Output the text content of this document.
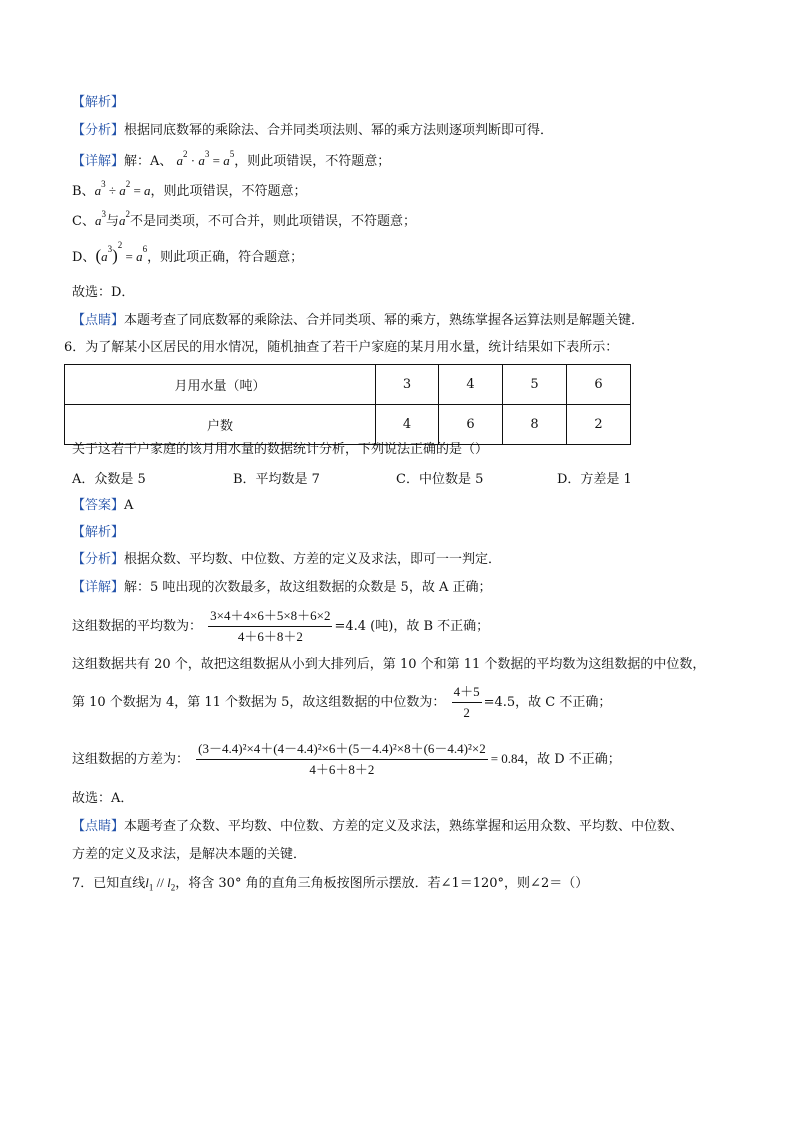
【解析】
【分析】根据同底数幂的乘除法、合并同类项法则、幂的乘方法则逐项判断即可得．
【详解】解：A、 $a^2 \cdot a^3 = a^5$，则此项错误，不符题意；
B、$a^3 \div a^2 = a$，则此项错误，不符题意；
C、$a^3$与$a^2$不是同类项，不可合并，则此项错误，不符题意；
D、$(a^3)^2 = a^6$，则此项正确，符合题意；
故选：D．
【点睛】本题考查了同底数幂的乘除法、合并同类项、幂的乘方，熟练掌握各运算法则是解题关键．
6．为了解某小区居民的用水情况，随机抽查了若干户家庭的某月用水量，统计结果如下表所示：
月用水量（吨）	3	4	5	6
户数	4	6	8	2
关于这若干户家庭的该月用水量的数据统计分析，下列说法正确的是（）
A．众数是 5	B．平均数是 7	C．中位数是 5	D．方差是 1
【答案】A
【解析】
【分析】根据众数、平均数、中位数、方差的定义及求法，即可一一判定．
【详解】解：5 吨出现的次数最多，故这组数据的众数是 5，故 A 正确；
这组数据的平均数为： $\frac{3\times 4+4\times 6+5\times 8+6\times 2}{4+6+8+2} =4.4$ (吨)，故 B 不正确；
这组数据共有 20 个，故把这组数据从小到大排列后，第 10 个和第 11 个数据的平均数为这组数据的中位数，
第 10 个数据为 4，第 11 个数据为 5，故这组数据的中位数为： $\frac{4+5}{2} =4.5$，故 C 不正确；
这组数据的方差为： $\frac{\text{(3－4.4)²×4＋(4－4.4)²×6＋(5－4.4)²×8＋(6－4.4)²×2}}{4+6+8+2} = 0.84$，故 D 不正确；
故选：A．
【点睛】本题考查了众数、平均数、中位数、方差的定义及求法，熟练掌握和运用众数、平均数、中位数、
方差的定义及求法，是解决本题的关键．
7．已知直线$l_1 // l_2$，将含 30° 角的直角三角板按图所示摆放．若∠1＝120°，则∠2＝（）
